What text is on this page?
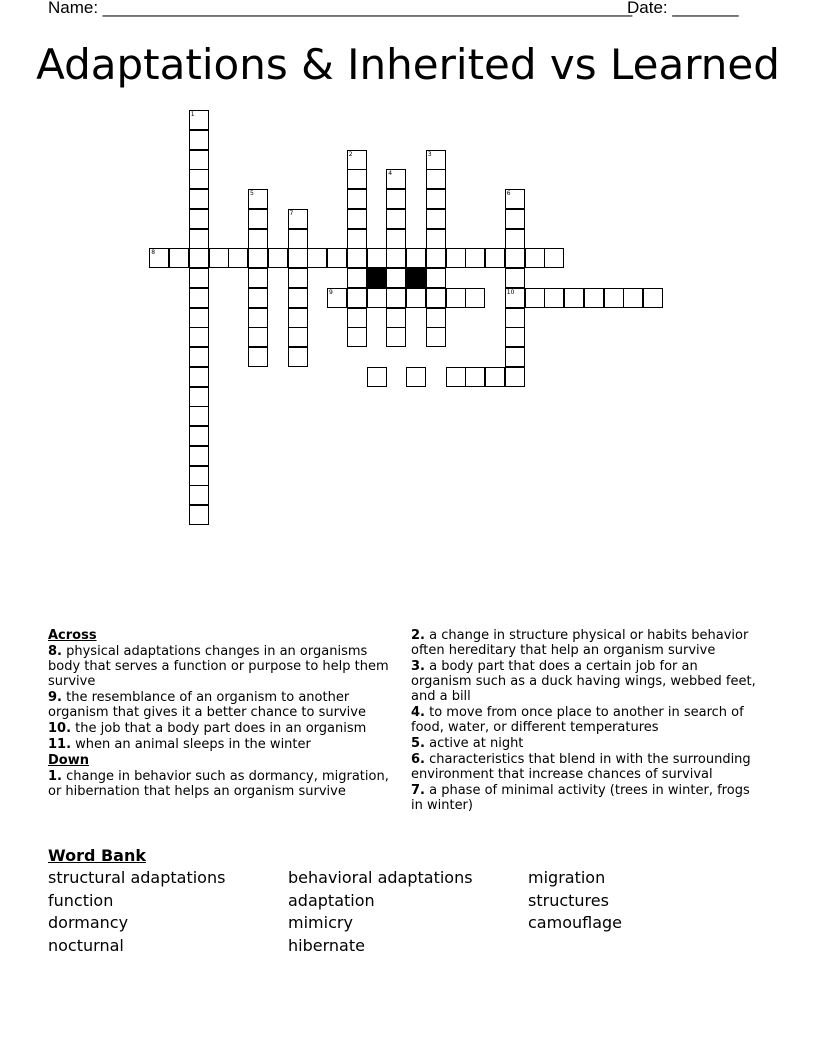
Name: ________________________________________________________
Date: _______
Adaptations & Inherited vs Learned
1
2	3
4
5	6
10
7
8
9
Across
8. physical adaptations changes in an organisms body that serves a function or purpose to help them survive
9. the resemblance of an organism to another organism that gives it a better chance to survive
10. the job that a body part does in an organism
11. when an animal sleeps in the winter
Down
1. change in behavior such as dormancy, migration, or hibernation that helps an organism survive
2. a change in structure physical or habits behavior often hereditary that help an organism survive
3. a body part that does a certain job for an organism such as a duck having wings, webbed feet, and a bill
4. to move from once place to another in search of food, water, or different temperatures
5. active at night
6. characteristics that blend in with the surrounding environment that increase chances of survival
7. a phase of minimal activity (trees in winter, frogs in winter)
Word Bank
structural adaptations	behavioral adaptations	migration
function	adaptation	structures
dormancy	mimicry	camouflage
nocturnal	hibernate
